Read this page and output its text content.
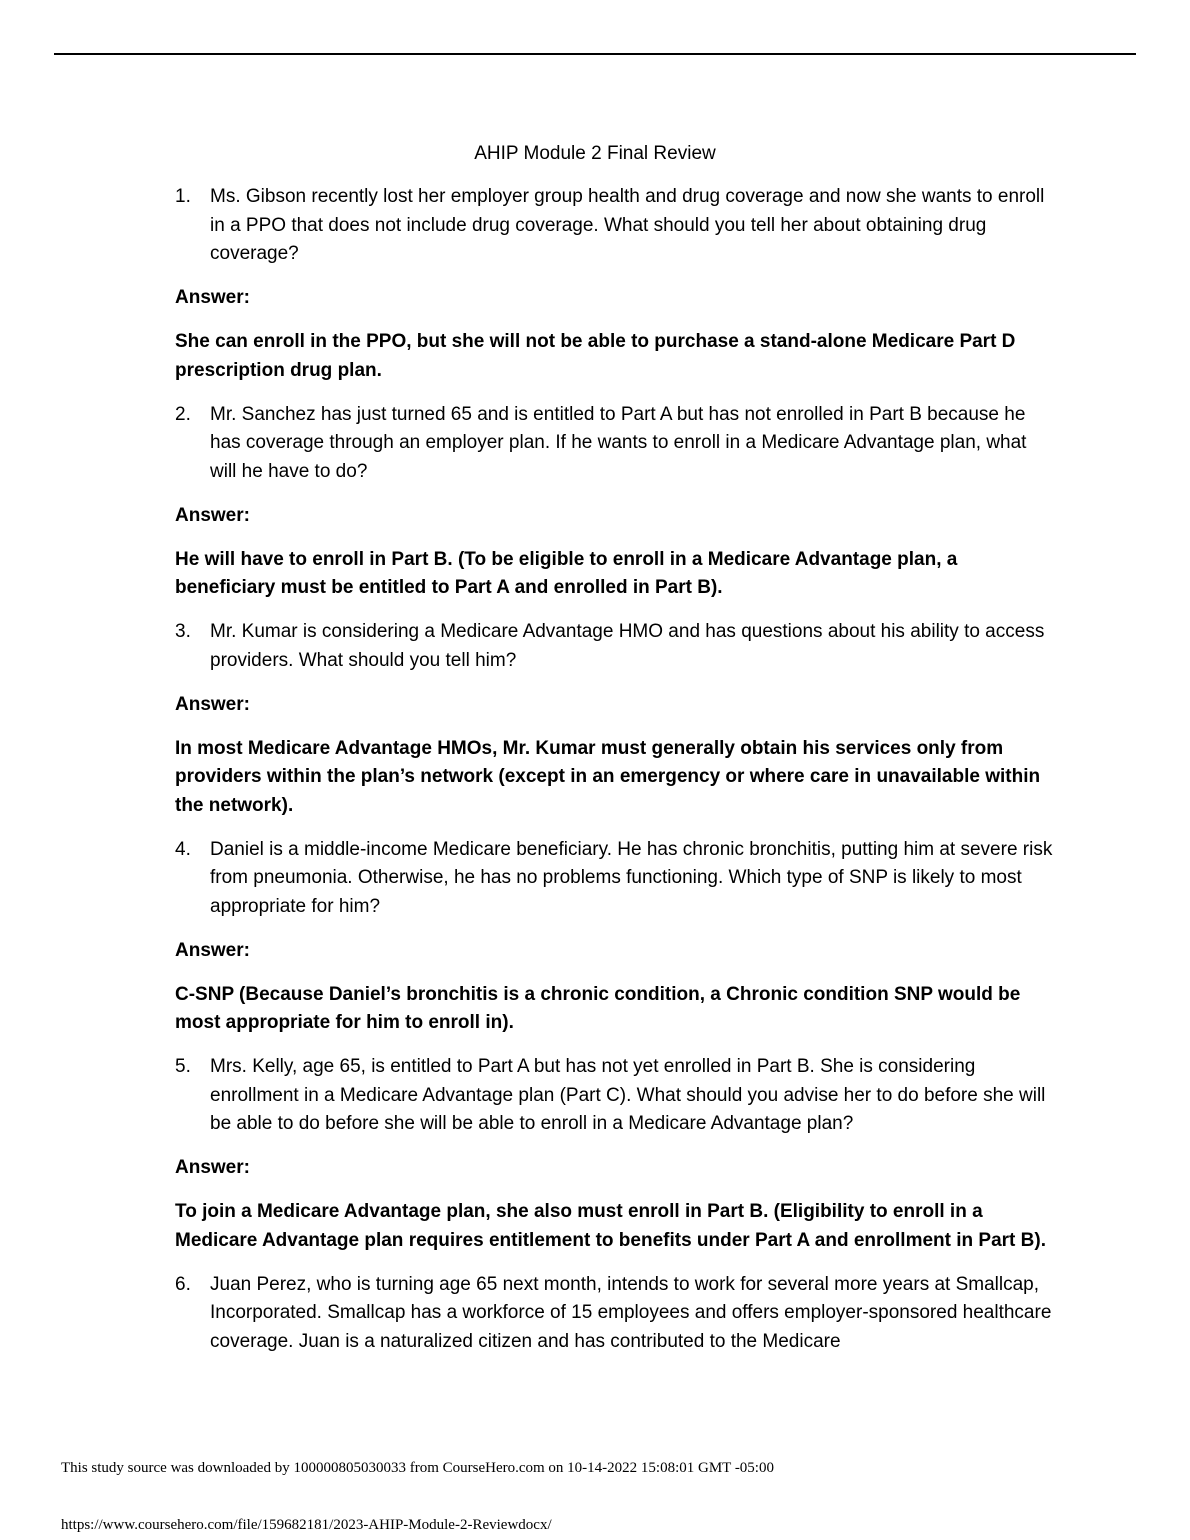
AHIP Module 2 Final Review
1.	Ms. Gibson recently lost her employer group health and drug coverage and now she wants to enroll in a PPO that does not include drug coverage. What should you tell her about obtaining drug coverage?
Answer:
She can enroll in the PPO, but she will not be able to purchase a stand-alone Medicare Part D prescription drug plan.
2.	Mr. Sanchez has just turned 65 and is entitled to Part A but has not enrolled in Part B because he has coverage through an employer plan. If he wants to enroll in a Medicare Advantage plan, what will he have to do?
Answer:
He will have to enroll in Part B. (To be eligible to enroll in a Medicare Advantage plan, a beneficiary must be entitled to Part A and enrolled in Part B).
3.	Mr. Kumar is considering a Medicare Advantage HMO and has questions about his ability to access providers. What should you tell him?
Answer:
In most Medicare Advantage HMOs, Mr. Kumar must generally obtain his services only from providers within the plan’s network (except in an emergency or where care in unavailable within the network).
4.	Daniel is a middle-income Medicare beneficiary. He has chronic bronchitis, putting him at severe risk from pneumonia. Otherwise, he has no problems functioning. Which type of SNP is likely to most appropriate for him?
Answer:
C-SNP (Because Daniel’s bronchitis is a chronic condition, a Chronic condition SNP would be most appropriate for him to enroll in).
5.	Mrs. Kelly, age 65, is entitled to Part A but has not yet enrolled in Part B. She is considering enrollment in a Medicare Advantage plan (Part C). What should you advise her to do before she will be able to do before she will be able to enroll in a Medicare Advantage plan?
Answer:
To join a Medicare Advantage plan, she also must enroll in Part B. (Eligibility to enroll in a Medicare Advantage plan requires entitlement to benefits under Part A and enrollment in Part B).
6.	Juan Perez, who is turning age 65 next month, intends to work for several more years at Smallcap, Incorporated. Smallcap has a workforce of 15 employees and offers employer-sponsored healthcare coverage. Juan is a naturalized citizen and has contributed to the Medicare
This study source was downloaded by 100000805030033 from CourseHero.com on 10-14-2022 15:08:01 GMT -05:00
https://www.coursehero.com/file/159682181/2023-AHIP-Module-2-Reviewdocx/
